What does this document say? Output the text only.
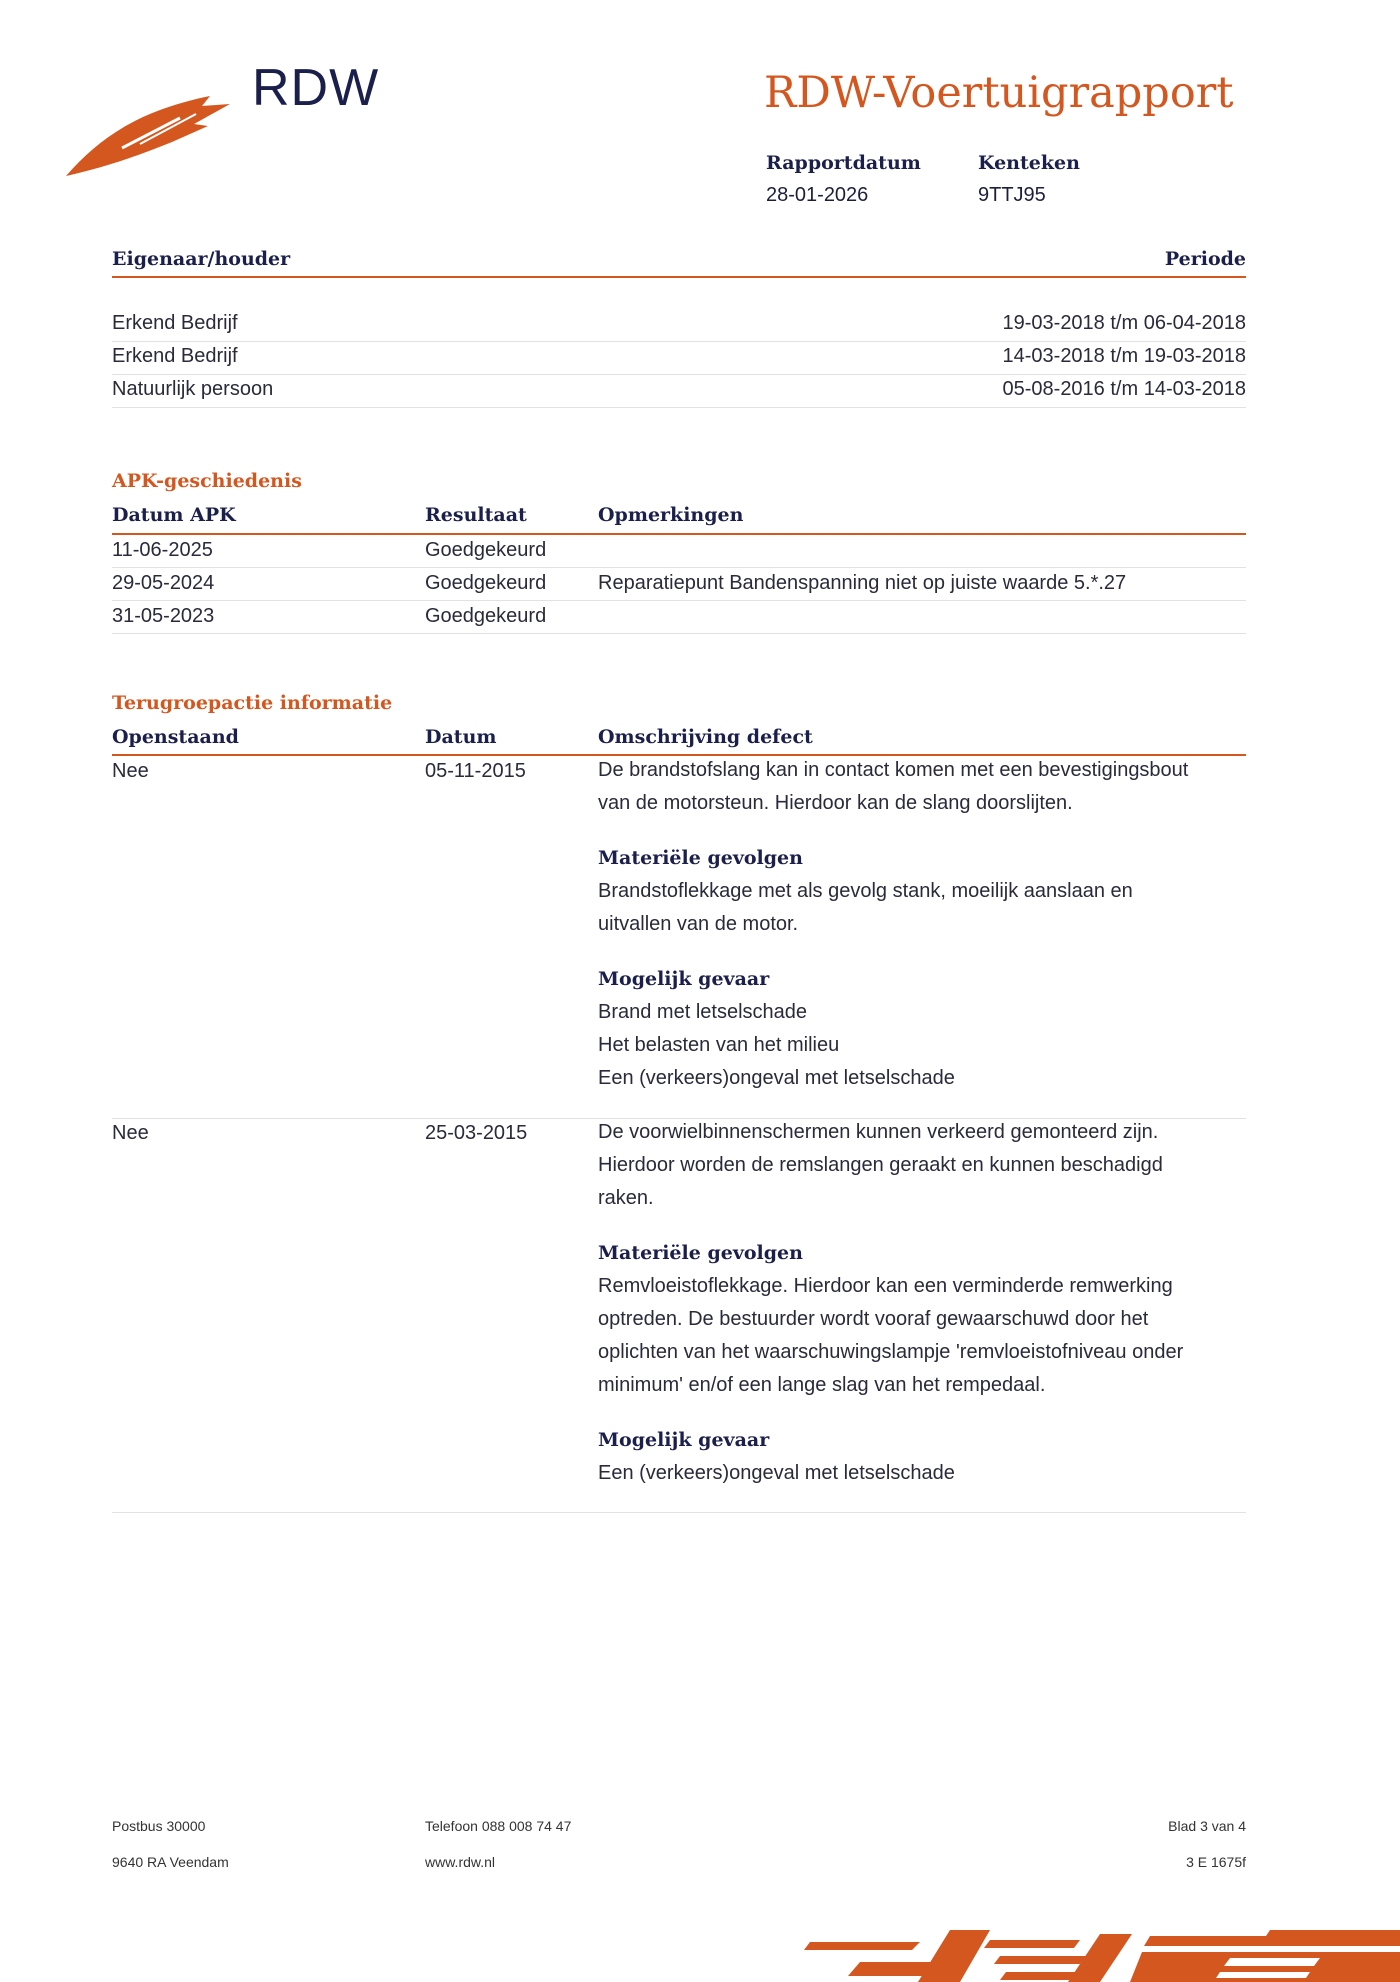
RDW	RDW-Voertuigrapport
Rapportdatum
28-01-2026
Kenteken
9TTJ95
Eigenaar/houder	Periode
Erkend Bedrijf	19-03-2018 t/m 06-04-2018
Erkend Bedrijf	14-03-2018 t/m 19-03-2018
Natuurlijk persoon	05-08-2016 t/m 14-03-2018
APK-geschiedenis
Datum APK	Resultaat	Opmerkingen
11-06-2025	Goedgekeurd
29-05-2024	Goedgekeurd	Reparatiepunt Bandenspanning niet op juiste waarde 5.*.27
31-05-2023	Goedgekeurd
Terugroepactie informatie
Openstaand	Datum	Omschrijving defect
Nee	05-11-2015	De brandstofslang kan in contact komen met een bevestigingsbout
van de motorsteun. Hierdoor kan de slang doorslijten.
Materiële gevolgen
Brandstoflekkage met als gevolg stank, moeilijk aanslaan en
uitvallen van de motor.
Mogelijk gevaar
Brand met letselschade
Het belasten van het milieu
Een (verkeers)ongeval met letselschade
Nee	25-03-2015	De voorwielbinnenschermen kunnen verkeerd gemonteerd zijn.
Hierdoor worden de remslangen geraakt en kunnen beschadigd
raken.
Materiële gevolgen
Remvloeistoflekkage. Hierdoor kan een verminderde remwerking
optreden. De bestuurder wordt vooraf gewaarschuwd door het
oplichten van het waarschuwingslampje 'remvloeistofniveau onder
minimum' en/of een lange slag van het rempedaal.
Mogelijk gevaar
Een (verkeers)ongeval met letselschade
Postbus 30000
9640 RA Veendam
Telefoon 088 008 74 47
www.rdw.nl
Blad 3 van 4
3 E 1675f
